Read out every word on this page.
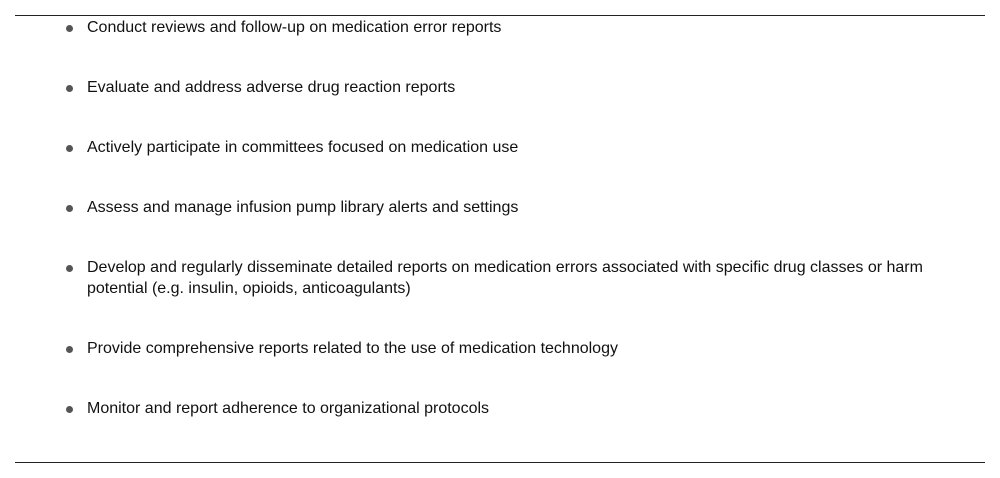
Conduct reviews and follow-up on medication error reports
Evaluate and address adverse drug reaction reports
Actively participate in committees focused on medication use
Assess and manage infusion pump library alerts and settings
Develop and regularly disseminate detailed reports on medication errors associated with specific drug classes or harm potential (e.g. insulin, opioids, anticoagulants)
Provide comprehensive reports related to the use of medication technology
Monitor and report adherence to organizational protocols
